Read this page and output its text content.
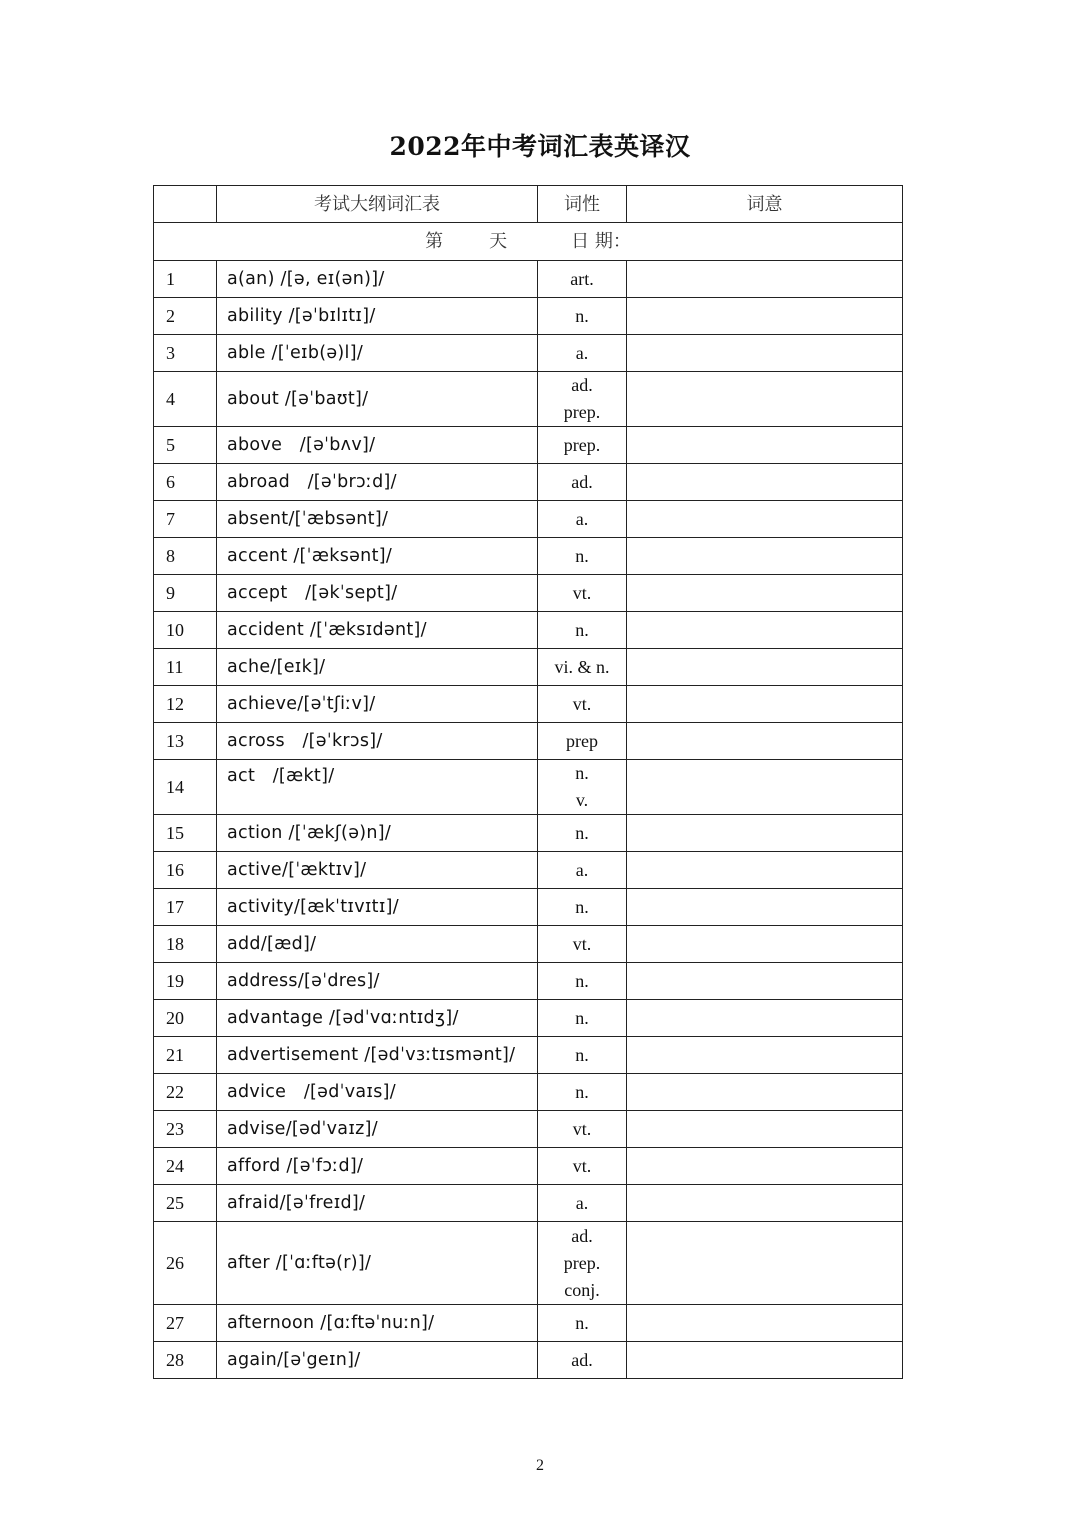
2022年中考词汇表英译汉
	考试大纲词汇表	词性	词意
第 天 日 期：			
1	a(an) /[ə, eɪ(ən)]/	art.	

2	ability /[əˈbɪlɪtɪ]/	n.	

3	able /[ˈeɪb(ə)l]/	a.	

4	about /[əˈbaʊt]/	ad.
prep.	

5	above   /[əˈbʌv]/	prep.	

6	abroad   /[əˈbrɔːd]/	ad.	

7	absent/[ˈæbsənt]/	a.	

8	accent /[ˈæksənt]/	n.	

9	accept   /[əkˈsept]/	vt.	

10	accident /[ˈæksɪdənt]/	n.	

11	ache/[eɪk]/	vi. & n.	

12	achieve/[əˈtʃiːv]/	vt.	

13	across   /[əˈkrɔs]/	prep	

14	act   /[ækt]/	n.
v.	

15	action /[ˈækʃ(ə)n]/	n.	

16	active/[ˈæktɪv]/	a.	

17	activity/[ækˈtɪvɪtɪ]/	n.	

18	add/[æd]/	vt.	

19	address/[əˈdres]/	n.	

20	advantage /[ədˈvɑːntɪdʒ]/	n.	

21	advertisement /[ədˈvɜːtɪsmənt]/	n.	

22	advice   /[ədˈvaɪs]/	n.	

23	advise/[ədˈvaɪz]/	vt.	

24	afford /[əˈfɔːd]/	vt.	

25	afraid/[əˈfreɪd]/	a.	

26	after /[ˈɑːftə(r)]/	ad.
prep.
conj.	

27	afternoon /[ɑːftəˈnuːn]/	n.	

28	again/[əˈgeɪn]/	ad.	

2
